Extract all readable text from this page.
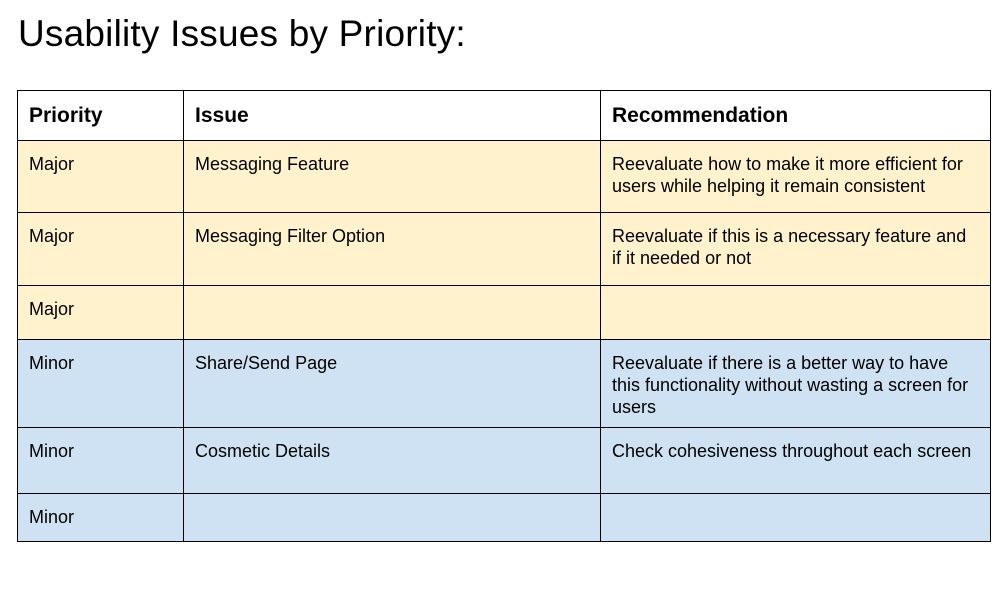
Usability Issues by Priority:
Priority	Issue	Recommendation
Major	Messaging Feature	Reevaluate how to make it more efficient for users while helping it remain consistent
Major	Messaging Filter Option	Reevaluate if this is a necessary feature and if it needed or not
Major		
Minor	Share/Send Page	Reevaluate if there is a better way to have this functionality without wasting a screen for users
Minor	Cosmetic Details	Check cohesiveness throughout each screen
Minor		
